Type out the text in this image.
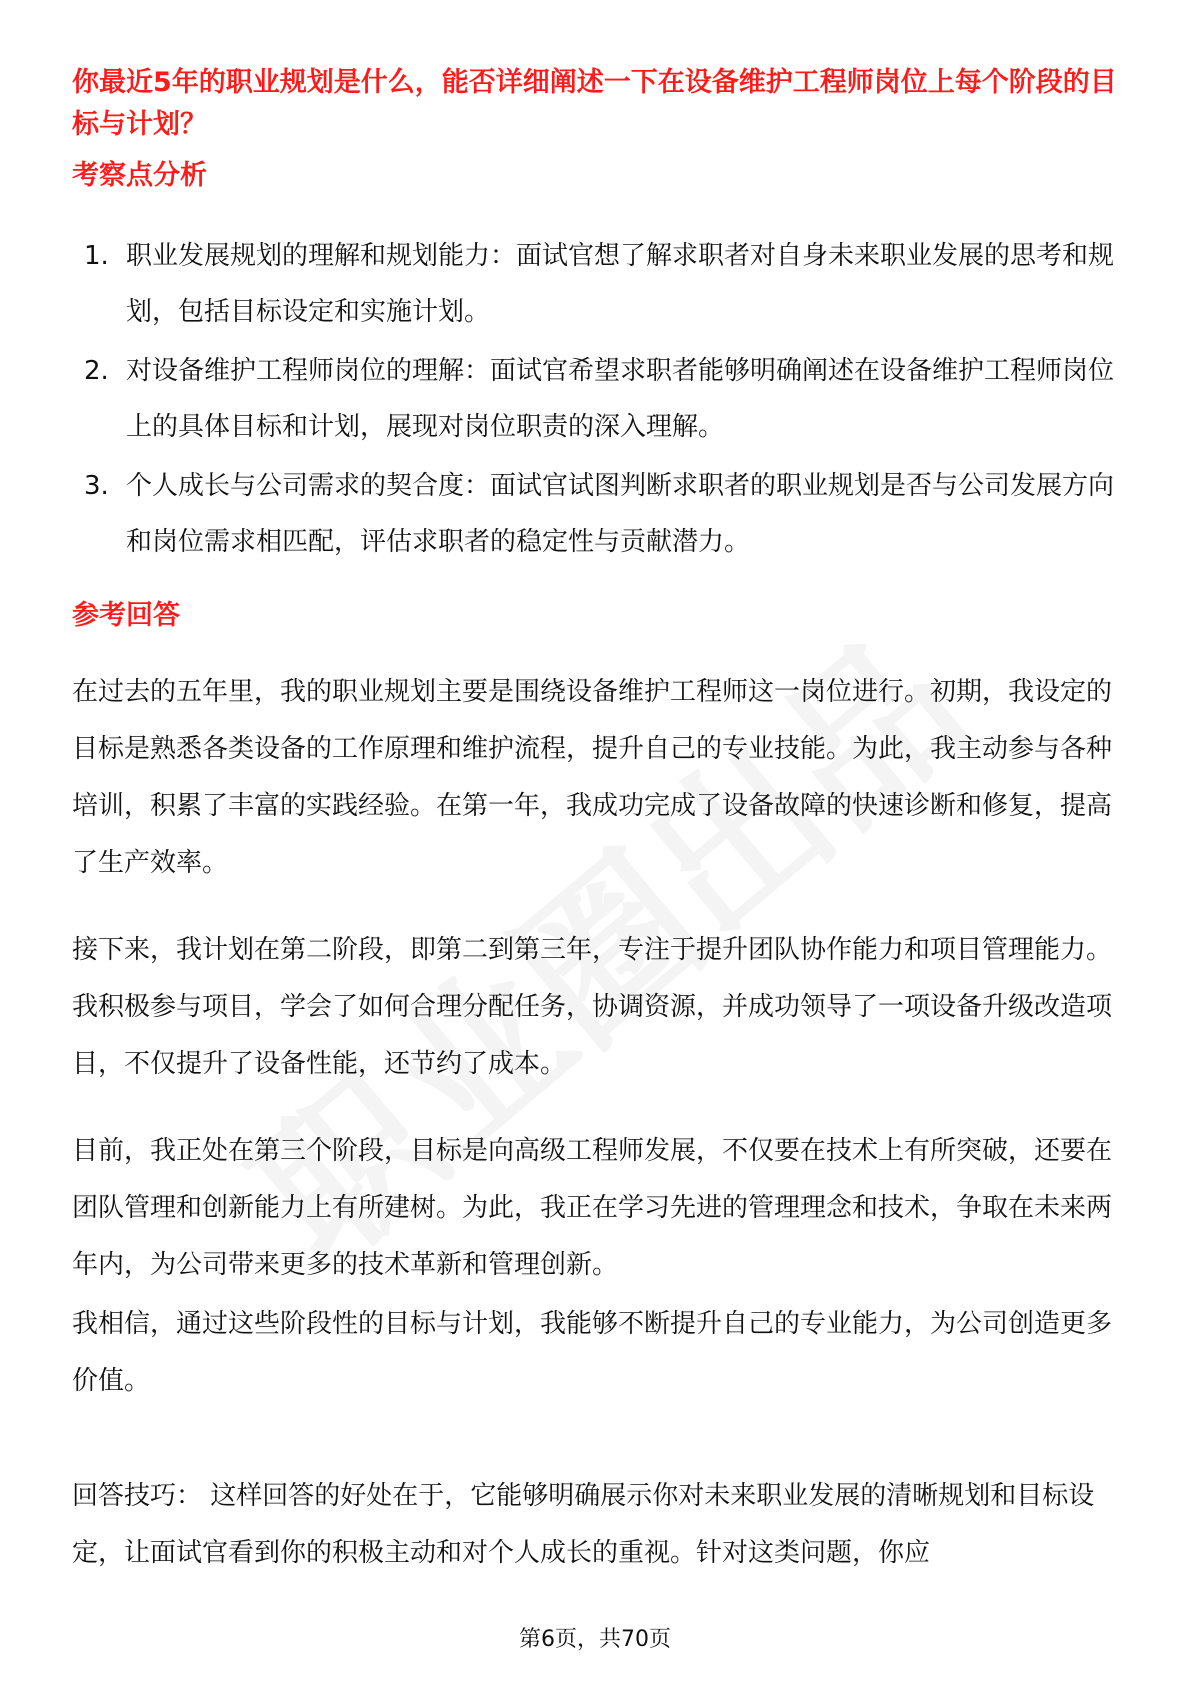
你最近5年的职业规划是什么，能否详细阐述一下在设备维护工程师岗位上每个阶段的目标与计划？
考察点分析
1. 职业发展规划的理解和规划能力：面试官想了解求职者对自身未来职业发展的思考和规划，包括目标设定和实施计划。
2. 对设备维护工程师岗位的理解：面试官希望求职者能够明确阐述在设备维护工程师岗位上的具体目标和计划，展现对岗位职责的深入理解。
3. 个人成长与公司需求的契合度：面试官试图判断求职者的职业规划是否与公司发展方向和岗位需求相匹配，评估求职者的稳定性与贡献潜力。
参考回答

在过去的五年里，我的职业规划主要是围绕设备维护工程师这一岗位进行。初期，我设定的目标是熟悉各类设备的工作原理和维护流程，提升自己的专业技能。为此，我主动参与各种培训，积累了丰富的实践经验。在第一年，我成功完成了设备故障的快速诊断和修复，提高了生产效率。

接下来，我计划在第二阶段，即第二到第三年，专注于提升团队协作能力和项目管理能力。我积极参与项目，学会了如何合理分配任务，协调资源，并成功领导了一项设备升级改造项目，不仅提升了设备性能，还节约了成本。

目前，我正处在第三个阶段，目标是向高级工程师发展，不仅要在技术上有所突破，还要在团队管理和创新能力上有所建树。为此，我正在学习先进的管理理念和技术，争取在未来两年内，为公司带来更多的技术革新和管理创新。

我相信，通过这些阶段性的目标与计划，我能够不断提升自己的专业能力，为公司创造更多价值。

回答技巧： 这样回答的好处在于，它能够明确展示你对未来职业发展的清晰规划和目标设定，让面试官看到你的积极主动和对个人成长的重视。针对这类问题，你应

第6页，共70页
